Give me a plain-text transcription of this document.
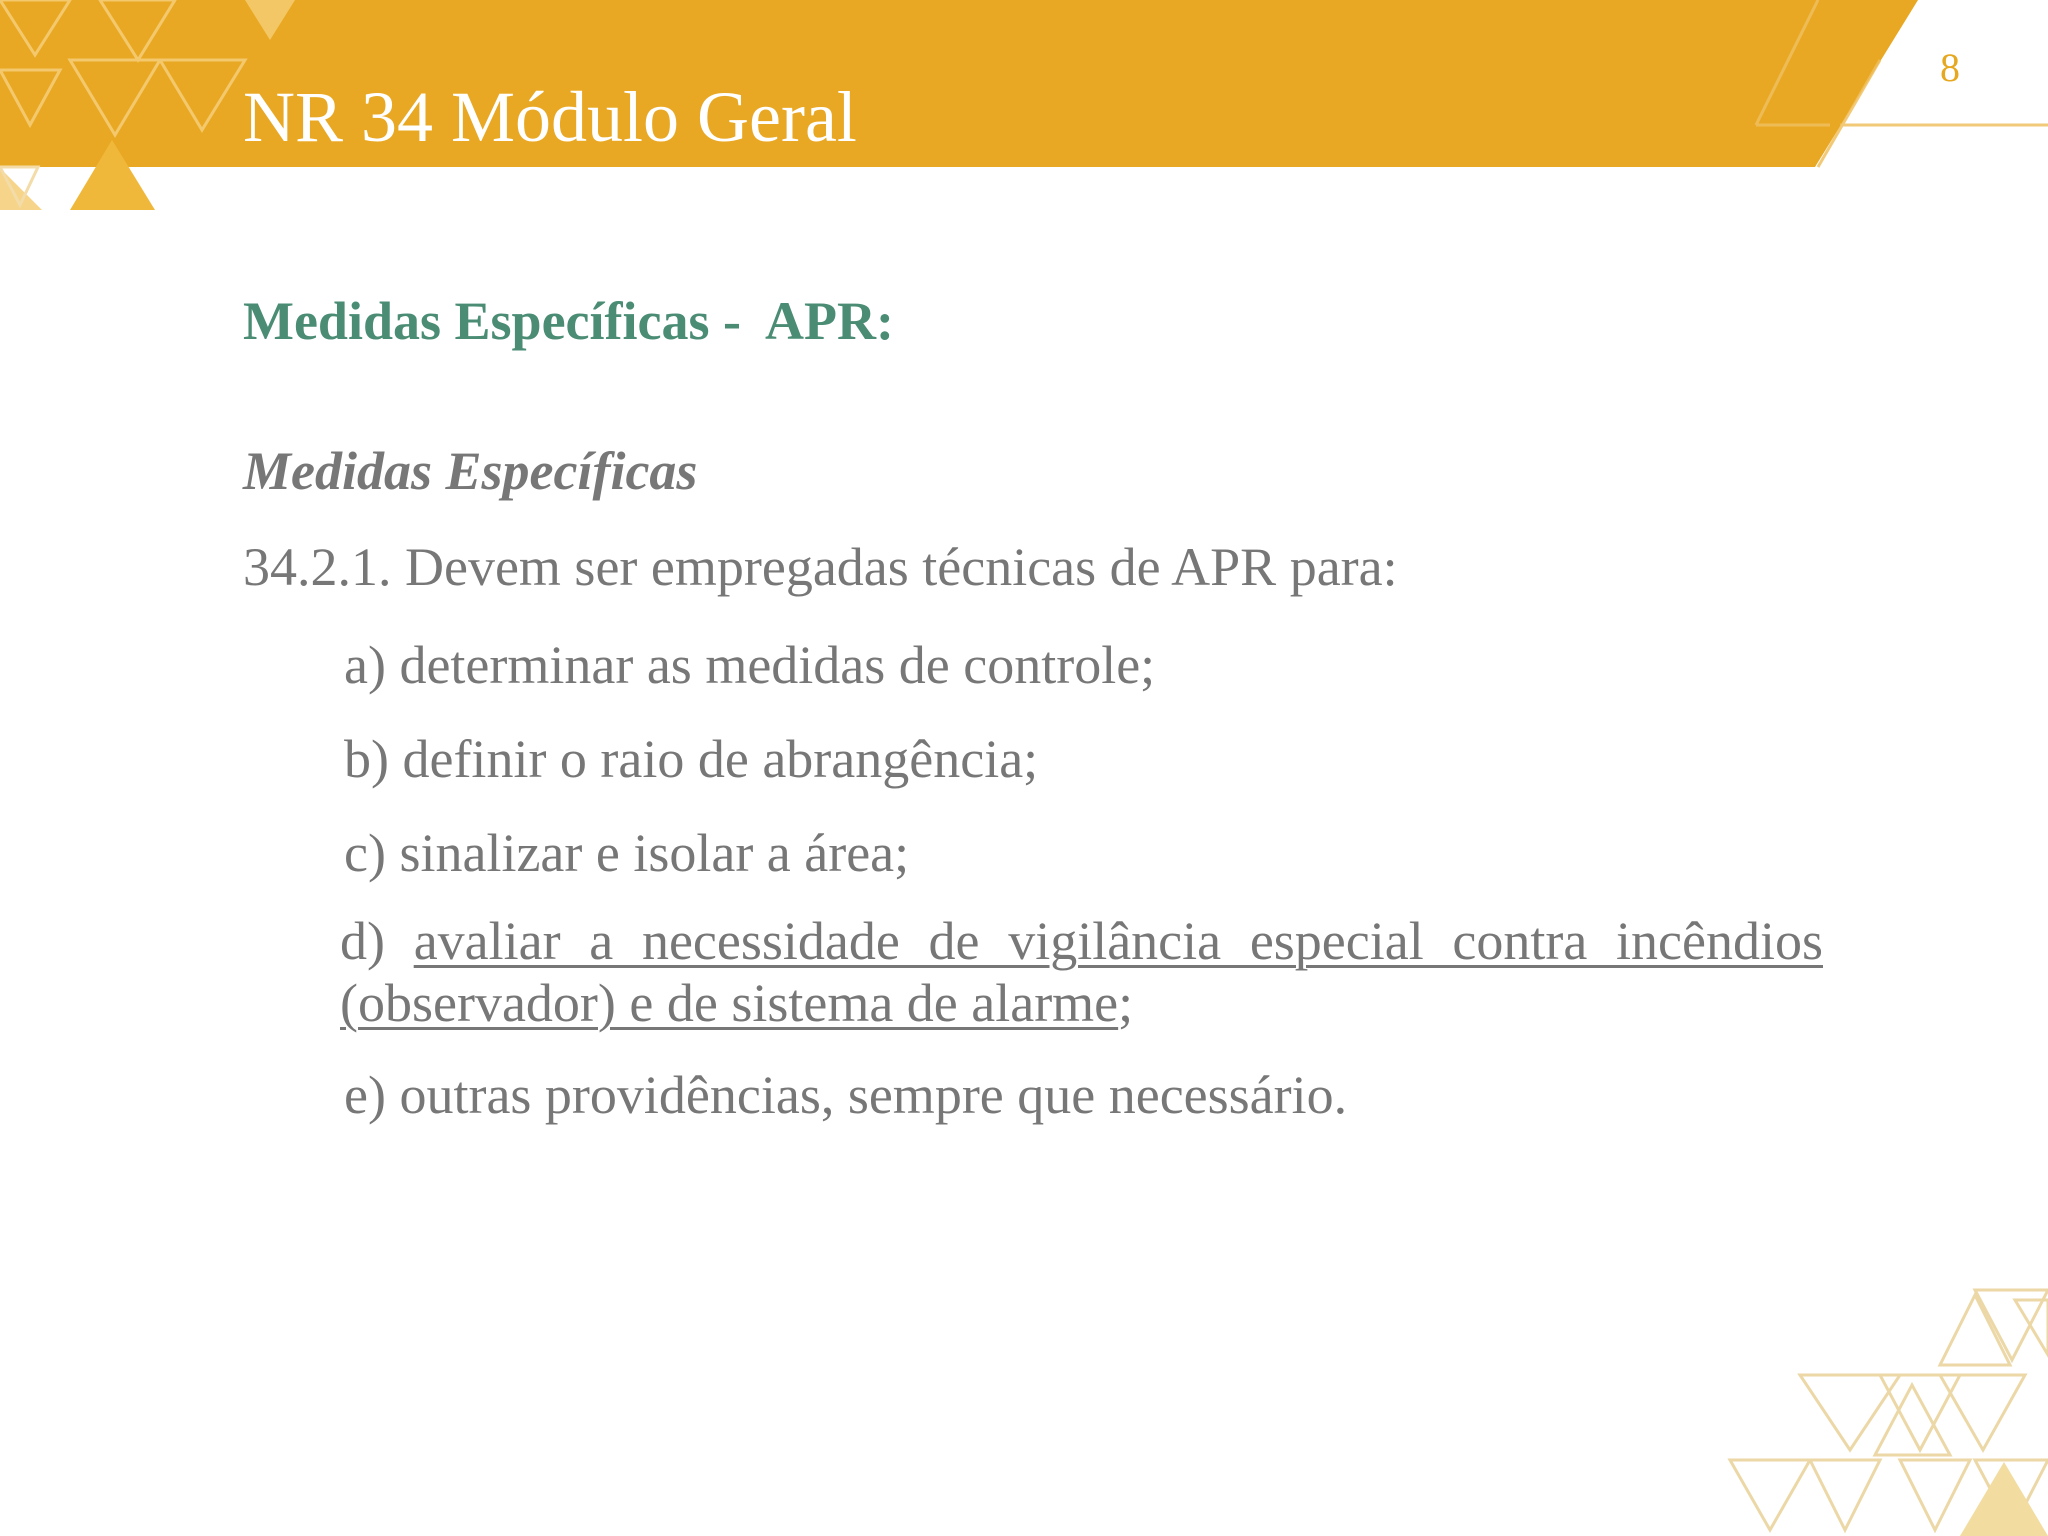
NR 34 Módulo Geral
8

Medidas Específicas -  APR:

Medidas Específicas

34.2.1. Devem ser empregadas técnicas de APR para:

a) determinar as medidas de controle;
b) definir o raio de abrangência;
c) sinalizar e isolar a área;
d) avaliar a necessidade de vigilância especial contra incêndios (observador) e de sistema de alarme;
e) outras providências, sempre que necessário.
